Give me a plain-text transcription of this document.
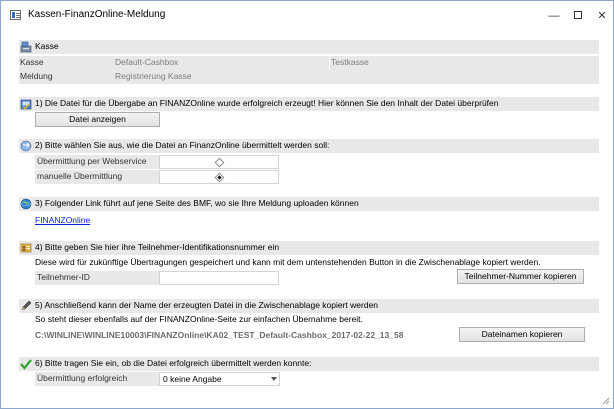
Kassen-FinanzOnline-Meldung	—	✕
Kasse
Kasse	Default-Cashbox	Testkasse
Meldung	Registrierung Kasse
1) Die Datei für die Übergabe an FINANZOnline wurde erfolgreich erzeugt! Hier können Sie den Inhalt der Datei überprüfen
Datei anzeigen
2) Bitte wählen Sie aus, wie die Datei an FinanzOnline übermittelt werden soll:
Übermittlung per Webservice
manuelle Übermittlung
3) Folgender Link führt auf jene Seite des BMF, wo sie Ihre Meldung uploaden können
FINANZOnline
4) Bitte geben Sie hier ihre Teilnehmer-Identifikationsnummer ein
Diese wird für zukünftige Übertragungen gespeichert und kann mit dem untenstehenden Button in die Zwischenablage kopiert werden.
Teilnehmer-ID	Teilnehmer-Nummer kopieren
5) Anschließend kann der Name der erzeugten Datei in die Zwischenablage kopiert werden
So steht dieser ebenfalls auf der FINANZOnline-Seite zur einfachen Übernahme bereit.
C:\WINLINE\WINLINE10003\FINANZOnline\KA02_TEST_Default-Cashbox_2017-02-22_13_58	Dateinamen kopieren
6) Bitte tragen Sie ein, ob die Datei erfolgreich übermittelt werden konnte:
Übermittlung erfolgreich	0 keine Angabe
